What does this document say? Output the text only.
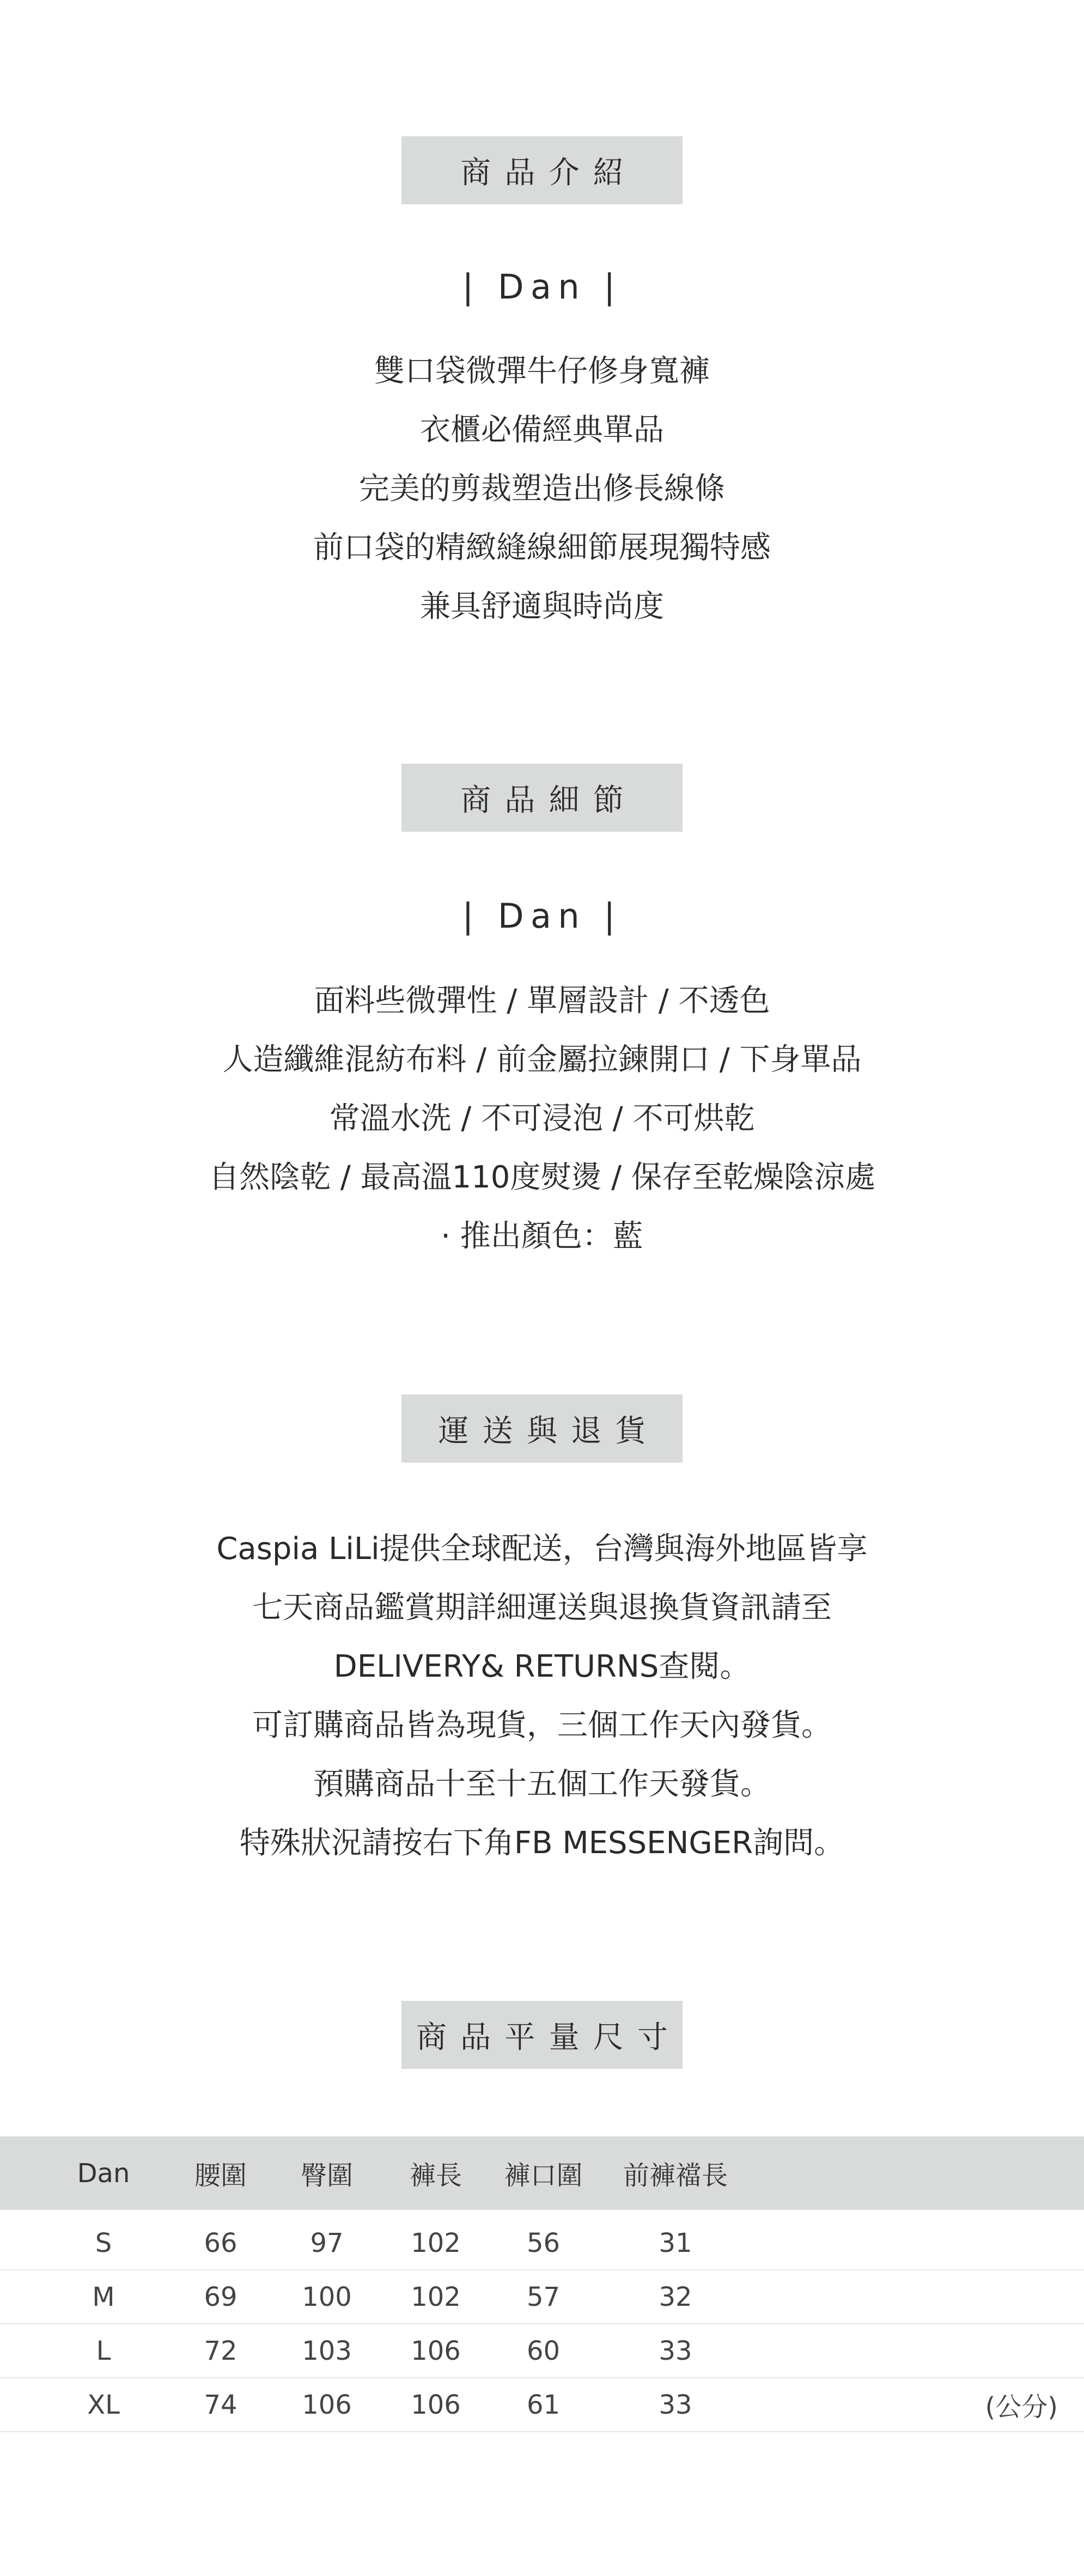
商品介紹
| Dan |
雙口袋微彈牛仔修身寬褲
衣櫃必備經典單品
完美的剪裁塑造出修長線條
前口袋的精緻縫線細節展現獨特感
兼具舒適與時尚度
商品細節
| Dan |
面料些微彈性 / 單層設計 / 不透色
人造纖維混紡布料 / 前金屬拉鍊開口 / 下身單品
常溫水洗 / 不可浸泡 / 不可烘乾
自然陰乾 / 最高溫110度熨燙 / 保存至乾燥陰涼處
· 推出顏色：藍
運送與退貨
Caspia LiLi提供全球配送，台灣與海外地區皆享
七天商品鑑賞期詳細運送與退換貨資訊請至
DELIVERY& RETURNS查閱。
可訂購商品皆為現貨，三個工作天內發貨。
預購商品十至十五個工作天發貨。
特殊狀況請按右下角FB MESSENGER詢問。
商品平量尺寸
Dan	腰圍	臀圍	褲長	褲口圍	前褲襠長
S	66	97	102	56	31
M	69	100	102	57	32
L	72	103	106	60	33
XL	74	106	106	61	33	(公分)
